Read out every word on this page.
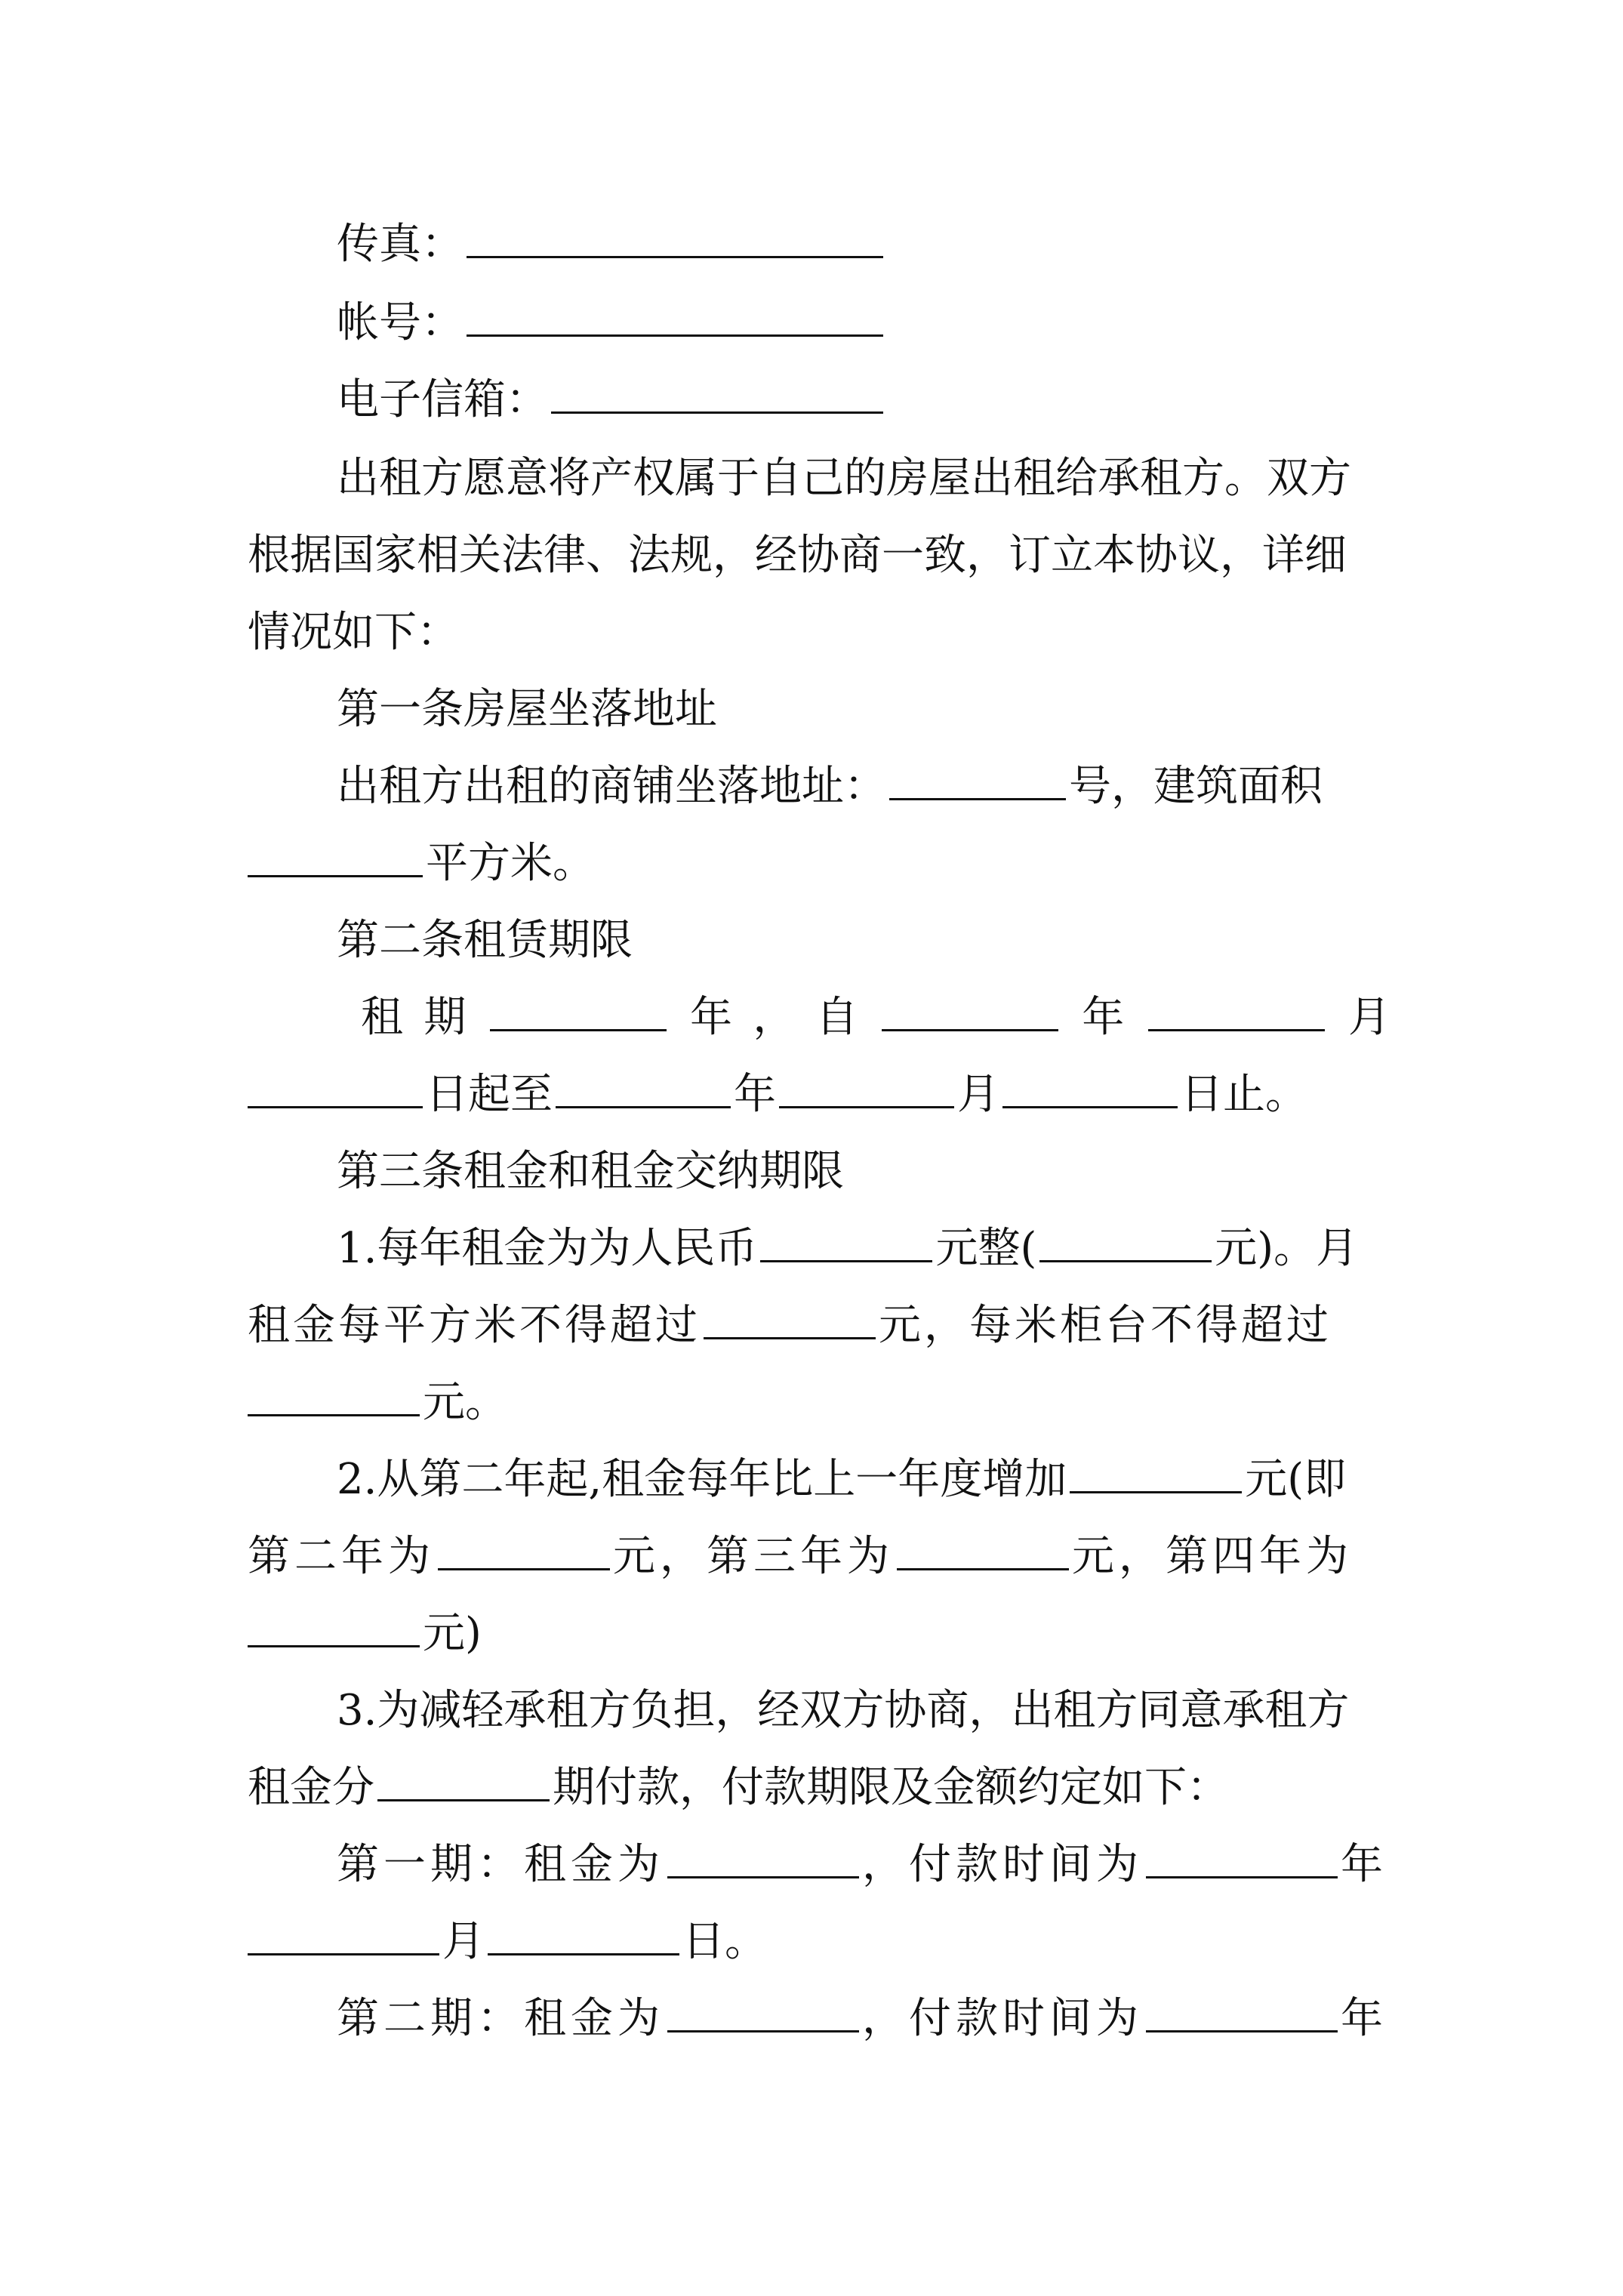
传真：
帐号：
电子信箱：
出租方愿意将产权属于自己的房屋出租给承租方。双方
根据国家相关法律、法规，经协商一致，订立本协议，详细
情况如下：
第一条房屋坐落地址
出租方出租的商铺坐落地址：	号，建筑面积
平方米。
第二条租赁期限
租 期	年 ， 自	年	月
日起至	年	月	日止。
第三条租金和租金交纳期限
1.每年租金为为人民币	元整(	元)。月
租金每平方米不得超过	元，每米柜台不得超过
元。
2.从第二年起,租金每年比上一年度增加	元(即
第二年为	元，第三年为	元，第四年为
元)
3.为减轻承租方负担，经双方协商，出租方同意承租方
租金分	期付款，付款期限及金额约定如下：
第一期：租金为	，付款时间为	年
月	日。
第二期：租金为	，付款时间为	年
